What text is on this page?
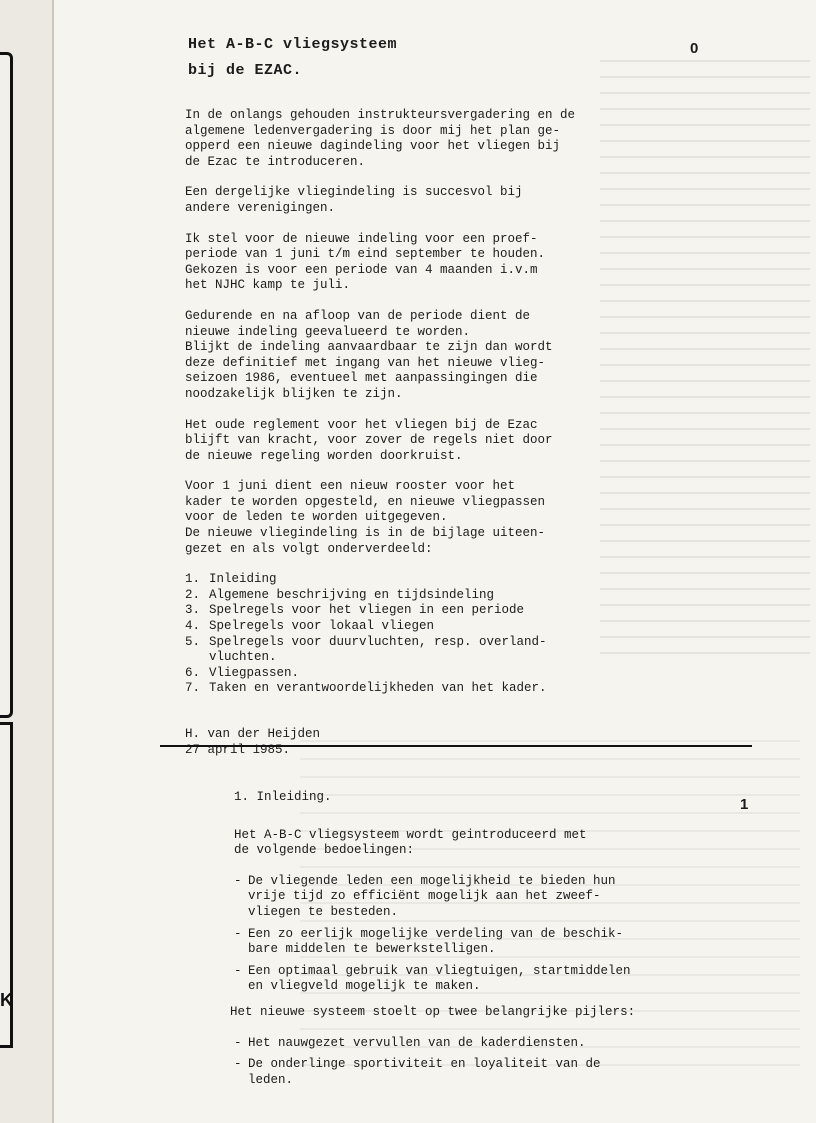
K
Het A-B-C vliegsysteem
bij de EZAC.
0

In de onlangs gehouden instrukteursvergadering en de
algemene ledenvergadering is door mij het plan ge-
opperd een nieuwe dagindeling voor het vliegen bij
de Ezac te introduceren.

Een dergelijke vliegindeling is succesvol bij
andere verenigingen.

Ik stel voor de nieuwe indeling voor een proef-
periode van 1 juni t/m eind september te houden.
Gekozen is voor een periode van 4 maanden i.v.m
het NJHC kamp te juli.

Gedurende en na afloop van de periode dient de
nieuwe indeling geevalueerd te worden.
Blijkt de indeling aanvaardbaar te zijn dan wordt
deze definitief met ingang van het nieuwe vlieg-
seizoen 1986, eventueel met aanpassingingen die
noodzakelijk blijken te zijn.

Het oude reglement voor het vliegen bij de Ezac
blijft van kracht, voor zover de regels niet door
de nieuwe regeling worden doorkruist.

Voor 1 juni dient een nieuw rooster voor het
kader te worden opgesteld, en nieuwe vliegpassen
voor de leden te worden uitgegeven.
De nieuwe vliegindeling is in de bijlage uiteen-
gezet en als volgt onderverdeeld:

1. Inleiding
2. Algemene beschrijving en tijdsindeling
3. Spelregels voor het vliegen in een periode
4. Spelregels voor lokaal vliegen
5. Spelregels voor duurvluchten, resp. overland-
vluchten.
6. Vliegpassen.
7. Taken en verantwoordelijkheden van het kader.
H. van der Heijden
27 april 1985.
1

1. Inleiding.

Het A-B-C vliegsysteem wordt geintroduceerd met
de volgende bedoelingen:

- De vliegende leden een mogelijkheid te bieden hun
vrije tijd zo efficiënt mogelijk aan het zweef-
vliegen te besteden.
- Een zo eerlijk mogelijke verdeling van de beschik-
bare middelen te bewerkstelligen.
- Een optimaal gebruik van vliegtuigen, startmiddelen
en vliegveld mogelijk te maken.

Het nieuwe systeem stoelt op twee belangrijke pijlers:

- Het nauwgezet vervullen van de kaderdiensten.
- De onderlinge sportiviteit en loyaliteit van de
leden.
